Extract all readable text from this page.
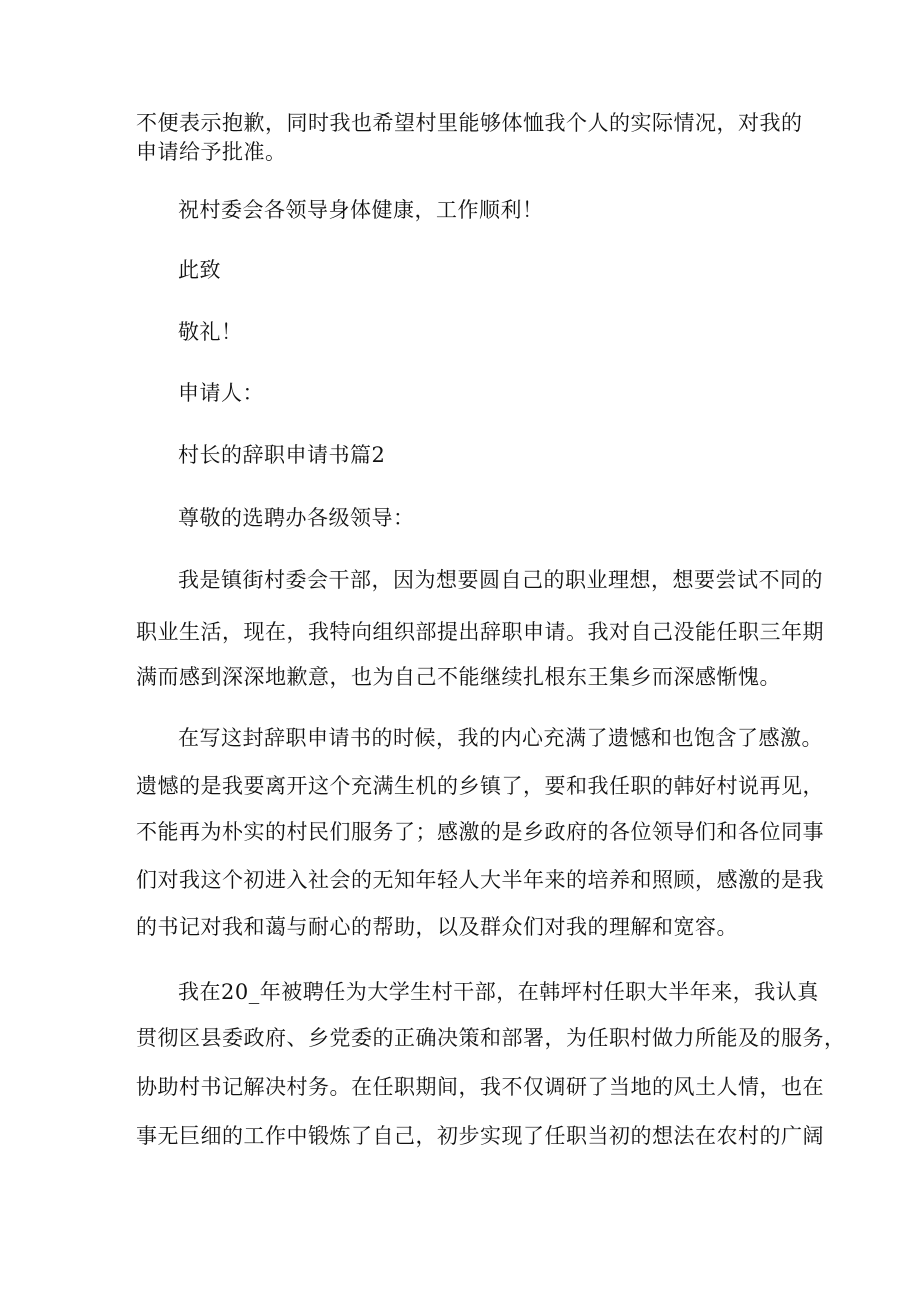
不便表示抱歉，同时我也希望村里能够体恤我个人的实际情况，对我的
申请给予批准。
祝村委会各领导身体健康，工作顺利！
此致
敬礼！
申请人：
村长的辞职申请书篇2
尊敬的选聘办各级领导：
我是镇街村委会干部，因为想要圆自己的职业理想，想要尝试不同的
职业生活，现在，我特向组织部提出辞职申请。我对自己没能任职三年期
满而感到深深地歉意，也为自己不能继续扎根东王集乡而深感惭愧。
在写这封辞职申请书的时候，我的内心充满了遗憾和也饱含了感激。
遗憾的是我要离开这个充满生机的乡镇了，要和我任职的韩好村说再见，
不能再为朴实的村民们服务了；感激的是乡政府的各位领导们和各位同事
们对我这个初进入社会的无知年轻人大半年来的培养和照顾，感激的是我
的书记对我和蔼与耐心的帮助，以及群众们对我的理解和宽容。
我在20_年被聘任为大学生村干部，在韩坪村任职大半年来，我认真
贯彻区县委政府、乡党委的正确决策和部署，为任职村做力所能及的服务，
协助村书记解决村务。在任职期间，我不仅调研了当地的风土人情，也在
事无巨细的工作中锻炼了自己，初步实现了任职当初的想法在农村的广阔
